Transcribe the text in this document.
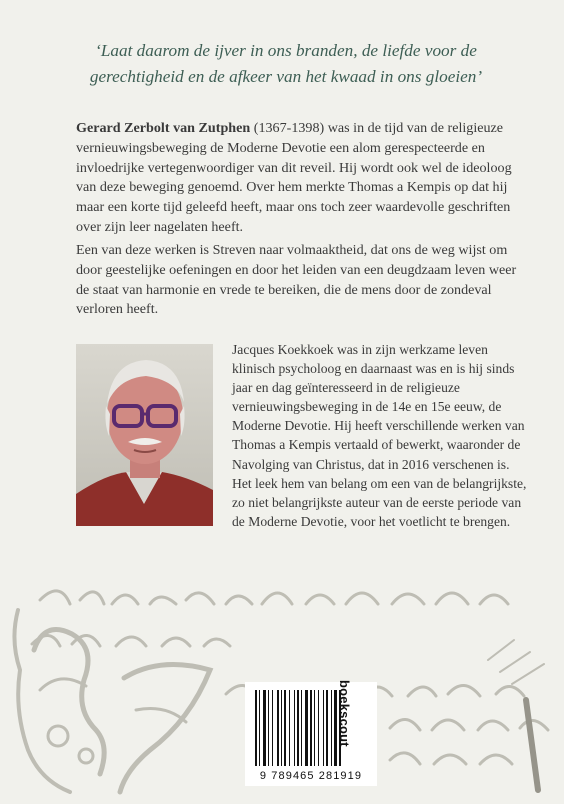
‘Laat daarom de ijver in ons branden, de liefde voor de
gerechtigheid en de afkeer van het kwaad in ons gloeien’
Gerard Zerbolt van Zutphen (1367-1398) was in de tijd van de religieuze vernieuwingsbeweging de Moderne Devotie een alom gerespecteerde en invloedrijke vertegenwoordiger van dit reveil. Hij wordt ook wel de ideoloog van deze beweging genoemd. Over hem merkte Thomas a Kempis op dat hij maar een korte tijd geleefd heeft, maar ons toch zeer waardevolle geschriften over zijn leer nagelaten heeft.
Een van deze werken is Streven naar volmaaktheid, dat ons de weg wijst om door geestelijke oefeningen en door het leiden van een deugdzaam leven weer de staat van harmonie en vrede te bereiken, die de mens door de zondeval verloren heeft.
Jacques Koekkoek was in zijn werkzame leven klinisch psycholoog en daarnaast was en is hij sinds jaar en dag geïnteresseerd in de religieuze vernieuwingsbeweging in de 14e en 15e eeuw, de Moderne Devotie. Hij heeft verschillende werken van Thomas a Kempis vertaald of bewerkt, waaronder de Navolging van Christus, dat in 2016 verschenen is. Het leek hem van belang om een van de belangrijkste, zo niet belangrijkste auteur van de eerste periode van de Moderne Devotie, voor het voetlicht te brengen.
9 789465 281919
boekscout
